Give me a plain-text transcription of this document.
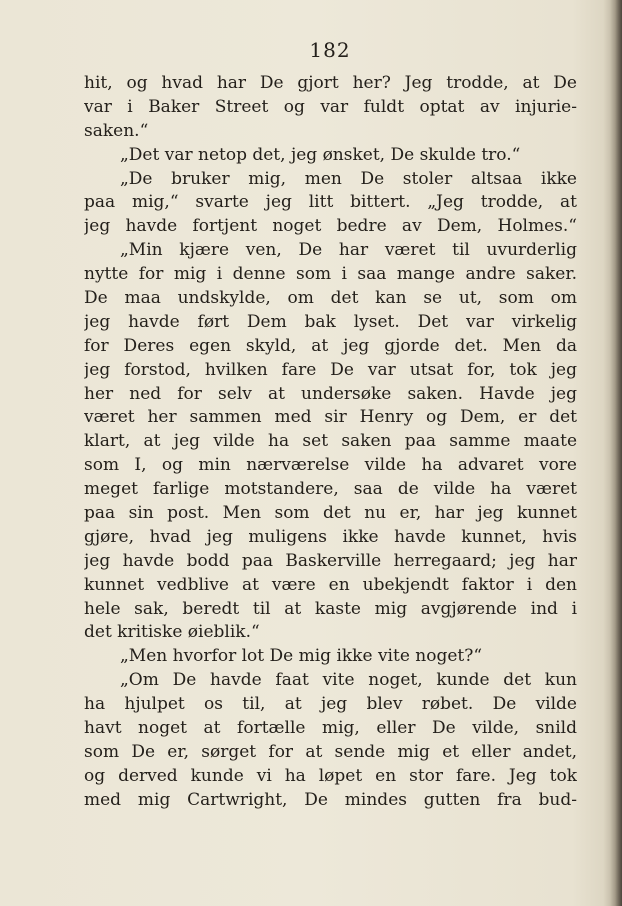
182
hit, og hvad har De gjort her? Jeg trodde, at De
var i Baker Street og var fuldt optat av injurie-
saken.“
„Det var netop det, jeg ønsket, De skulde tro.“
„De bruker mig, men De stoler altsaa ikke
paa mig,“ svarte jeg litt bittert. „Jeg trodde, at
jeg havde fortjent noget bedre av Dem, Holmes.“
„Min kjære ven, De har været til uvurderlig
nytte for mig i denne som i saa mange andre saker.
De maa undskylde, om det kan se ut, som om
jeg havde ført Dem bak lyset. Det var virkelig
for Deres egen skyld, at jeg gjorde det. Men da
jeg forstod, hvilken fare De var utsat for, tok jeg
her ned for selv at undersøke saken. Havde jeg
været her sammen med sir Henry og Dem, er det
klart, at jeg vilde ha set saken paa samme maate
som I, og min nærværelse vilde ha advaret vore
meget farlige motstandere, saa de vilde ha været
paa sin post. Men som det nu er, har jeg kunnet
gjøre, hvad jeg muligens ikke havde kunnet, hvis
jeg havde bodd paa Baskerville herregaard; jeg har
kunnet vedblive at være en ubekjendt faktor i den
hele sak, beredt til at kaste mig avgjørende ind i
det kritiske øieblik.“
„Men hvorfor lot De mig ikke vite noget?“
„Om De havde faat vite noget, kunde det kun
ha hjulpet os til, at jeg blev røbet. De vilde
havt noget at fortælle mig, eller De vilde, snild
som De er, sørget for at sende mig et eller andet,
og derved kunde vi ha løpet en stor fare. Jeg tok
med mig Cartwright, De mindes gutten fra bud-
